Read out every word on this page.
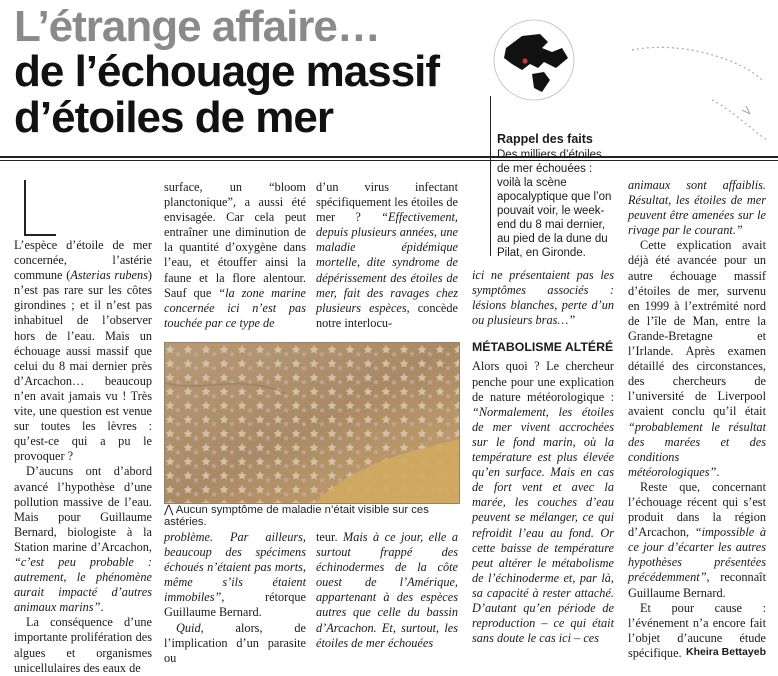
L’étrange affaire…
de l’échouage massif
d’étoiles de mer	Rappel des faits
Des milliers d’étoiles de mer échouées : voilà la scène apocalyptique que l’on pouvait voir, le week-end du 8 mai dernier, au pied de la dune du Pilat, en Gironde.

L’espèce d’étoile de mer concernée, l’astérie commune (Asterias rubens) n’est pas rare sur les côtes girondines ; et il n’est pas inhabituel de l’observer hors de l’eau. Mais un échouage aussi massif que celui du 8 mai dernier près d’Arcachon… beaucoup n’en avait jamais vu ! Très vite, une question est venue sur toutes les lèvres : qu’est-ce qui a pu le provoquer ?

D’aucuns ont d’abord avancé l’hypothèse d’une pollution massive de l’eau. Mais pour Guillaume Bernard, biologiste à la Station marine d’Arcachon, “c’est peu probable : autrement, le phénomène aurait impacté d’autres animaux marins”.

La conséquence d’une importante prolifération des algues et organismes unicellulaires des eaux de

surface, un “bloom planctonique”, a aussi été envisagée. Car cela peut entraîner une diminution de la quantité d’oxygène dans l’eau, et étouffer ainsi la faune et la flore alentour. Sauf que “la zone marine concernée ici n’est pas touchée par ce type de

d’un virus infectant spécifiquement les étoiles de mer ? “Effectivement, depuis plusieurs années, une maladie épidémique mortelle, dite syndrome de dépérissement des étoiles de mer, fait des ravages chez plusieurs espèces, concède notre interlocu-

⋀ Aucun symptôme de maladie n’était visible sur ces astéries.

problème. Par ailleurs, beaucoup des spécimens échoués n’étaient pas morts, même s’ils étaient immobiles”, rétorque Guillaume Bernard.

Quid, alors, de l’implication d’un parasite ou

teur. Mais à ce jour, elle a surtout frappé des échinodermes de la côte ouest de l’Amérique, appartenant à des espèces autres que celle du bassin d’Arcachon. Et, surtout, les étoiles de mer échouées

ici ne présentaient pas les symptômes associés : lésions blanches, perte d’un ou plusieurs bras…”

MÉTABOLISME ALTÉRÉ

Alors quoi ? Le chercheur penche pour une explication de nature météorologique : “Normalement, les étoiles de mer vivent accrochées sur le fond marin, où la température est plus élevée qu’en surface. Mais en cas de fort vent et avec la marée, les couches d’eau peuvent se mélanger, ce qui refroidit l’eau au fond. Or cette baisse de température peut altérer le métabolisme de l’échinoderme et, par là, sa capacité à rester attaché. D’autant qu’en période de reproduction – ce qui était sans doute le cas ici – ces

animaux sont affaiblis. Résultat, les étoiles de mer peuvent être amenées sur le rivage par le courant.”

Cette explication avait déjà été avancée pour un autre échouage massif d’étoiles de mer, survenu en 1999 à l’extrémité nord de l’île de Man, entre la Grande-Bretagne et l’Irlande. Après examen détaillé des circonstances, des chercheurs de l’université de Liverpool avaient conclu qu’il était “probablement le résultat des marées et des conditions météorologiques”.

Reste que, concernant l’échouage récent qui s’est produit dans la région d’Arcachon, “impossible à ce jour d’écarter les autres hypothèses présentées précédemment”, reconnaît Guillaume Bernard.

Et pour cause : l’événement n’a encore fait l’objet d’aucune étude spécifique. Kheira Bettayeb
